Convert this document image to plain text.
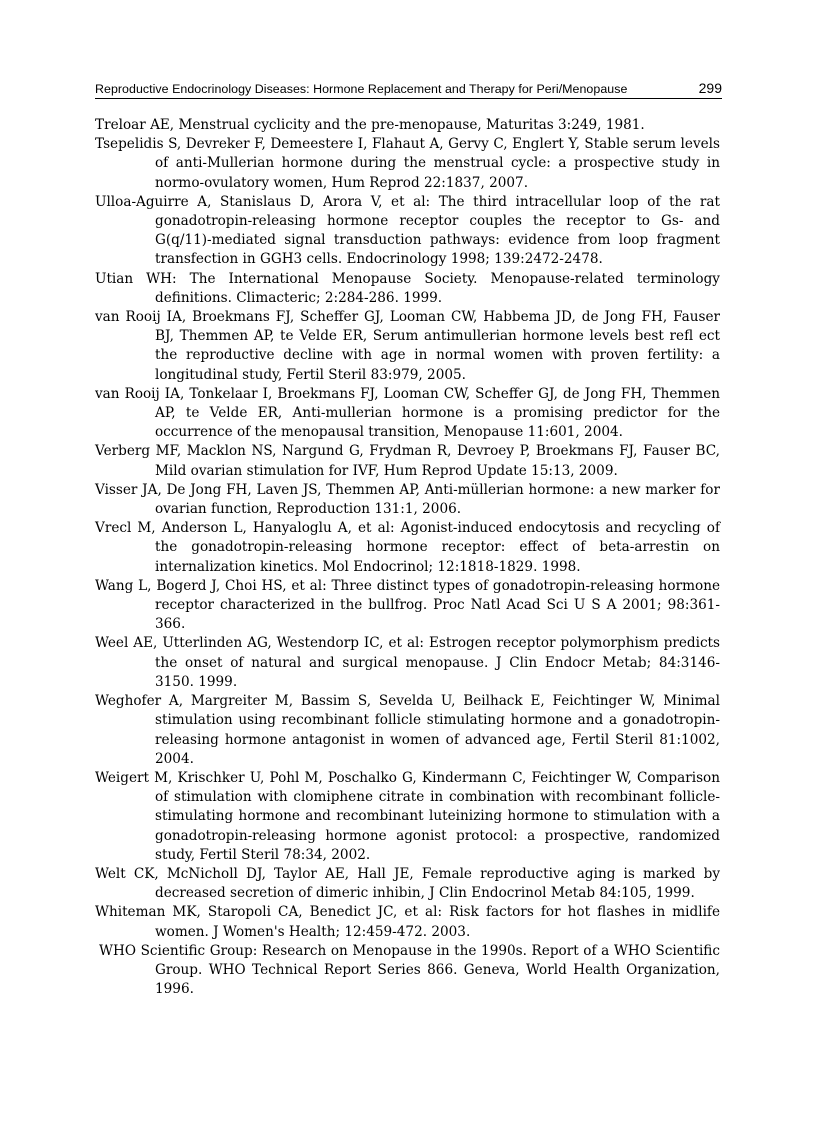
Reproductive Endocrinology Diseases: Hormone Replacement and Therapy for Peri/Menopause	299

Treloar AE, Menstrual cyclicity and the pre-menopause, Maturitas 3:249, 1981.

Tsepelidis S, Devreker F, Demeestere I, Flahaut A, Gervy C, Englert Y, Stable serum levels of anti-Mullerian hormone during the menstrual cycle: a prospective study in normo-ovulatory women, Hum Reprod 22:1837, 2007.

Ulloa-Aguirre A, Stanislaus D, Arora V, et al: The third intracellular loop of the rat gonadotropin-releasing hormone receptor couples the receptor to Gs- and G(q/11)-mediated signal transduction pathways: evidence from loop fragment transfection in GGH3 cells. Endocrinology 1998; 139:2472-2478.

Utian WH: The International Menopause Society. Menopause-related terminology definitions. Climacteric; 2:284-286. 1999.

van Rooij IA, Broekmans FJ, Scheffer GJ, Looman CW, Habbema JD, de Jong FH, Fauser BJ, Themmen AP, te Velde ER, Serum antimullerian hormone levels best refl ect the reproductive decline with age in normal women with proven fertility: a longitudinal study, Fertil Steril 83:979, 2005.

van Rooij IA, Tonkelaar I, Broekmans FJ, Looman CW, Scheffer GJ, de Jong FH, Themmen AP, te Velde ER, Anti-mullerian hormone is a promising predictor for the occurrence of the menopausal transition, Menopause 11:601, 2004.

Verberg MF, Macklon NS, Nargund G, Frydman R, Devroey P, Broekmans FJ, Fauser BC, Mild ovarian stimulation for IVF, Hum Reprod Update 15:13, 2009.

Visser JA, De Jong FH, Laven JS, Themmen AP, Anti-müllerian hormone: a new marker for ovarian function, Reproduction 131:1, 2006.

Vrecl M, Anderson L, Hanyaloglu A, et al: Agonist-induced endocytosis and recycling of the gonadotropin-releasing hormone receptor: effect of beta-arrestin on internalization kinetics. Mol Endocrinol; 12:1818-1829. 1998.

Wang L, Bogerd J, Choi HS, et al: Three distinct types of gonadotropin-releasing hormone receptor characterized in the bullfrog. Proc Natl Acad Sci U S A 2001; 98:361-366.

Weel AE, Utterlinden AG, Westendorp IC, et al: Estrogen receptor polymorphism predicts the onset of natural and surgical menopause. J Clin Endocr Metab; 84:3146-3150. 1999.

Weghofer A, Margreiter M, Bassim S, Sevelda U, Beilhack E, Feichtinger W, Minimal stimulation using recombinant follicle stimulating hormone and a gonadotropin-releasing hormone antagonist in women of advanced age, Fertil Steril 81:1002, 2004.

Weigert M, Krischker U, Pohl M, Poschalko G, Kindermann C, Feichtinger W, Comparison of stimulation with clomiphene citrate in combination with recombinant follicle-stimulating hormone and recombinant luteinizing hormone to stimulation with a gonadotropin-releasing hormone agonist protocol: a prospective, randomized study, Fertil Steril 78:34, 2002.

Welt CK, McNicholl DJ, Taylor AE, Hall JE, Female reproductive aging is marked by decreased secretion of dimeric inhibin, J Clin Endocrinol Metab 84:105, 1999.

Whiteman MK, Staropoli CA, Benedict JC, et al: Risk factors for hot flashes in midlife women. J Women's Health; 12:459-472. 2003.

WHO Scientific Group: Research on Menopause in the 1990s. Report of a WHO Scientific Group. WHO Technical Report Series 866. Geneva, World Health Organization, 1996.
